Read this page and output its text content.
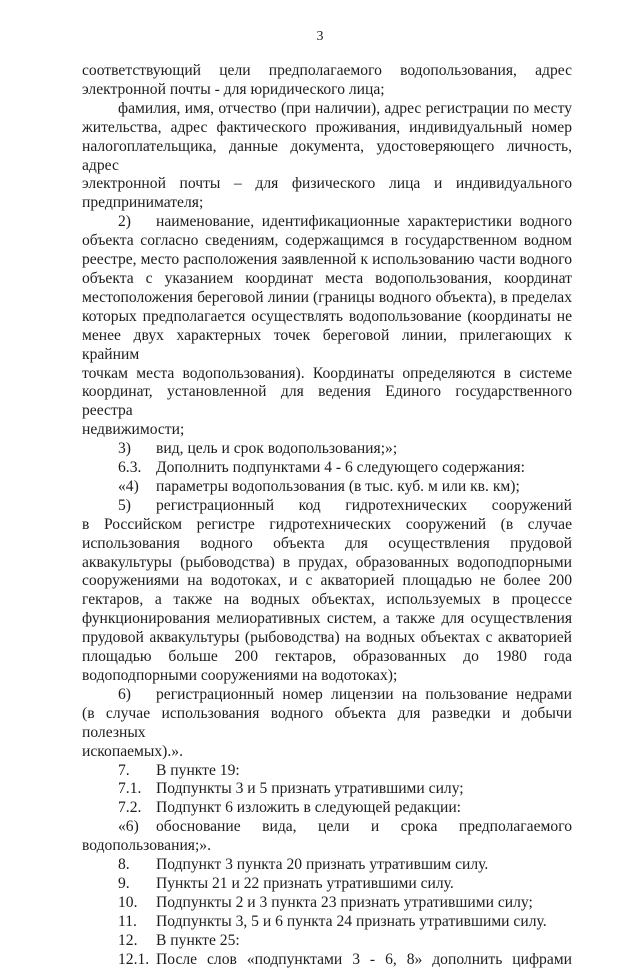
3

соответствующий цели предполагаемого водопользования, адрес

электронной почты - для юридического лица;

фамилия, имя, отчество (при наличии), адрес регистрации по месту

жительства, адрес фактического проживания, индивидуальный номер

налогоплательщика, данные документа, удостоверяющего личность, адрес

электронной почты – для физического лица и индивидуального

предпринимателя;

2)	наименование, идентификационные характеристики водного

объекта согласно сведениям, содержащимся в государственном водном

реестре, место расположения заявленной к использованию части водного

объекта с указанием координат места водопользования, координат

местоположения береговой линии (границы водного объекта), в пределах

которых предполагается осуществлять водопользование (координаты не

менее двух характерных точек береговой линии, прилегающих к крайним

точкам места водопользования). Координаты определяются в системе

координат, установленной для ведения Единого государственного реестра

недвижимости;

3)	вид, цель и срок водопользования;»;
6.3. Дополнить подпунктами 4 - 6 следующего содержания:
«4)	параметры водопользования (в тыс. куб. м или кв. км);
5)	регистрационный код гидротехнических сооружений

в Российском регистре гидротехнических сооружений (в случае

использования водного объекта для осуществления прудовой

аквакультуры (рыбоводства) в прудах, образованных водоподпорными

сооружениями на водотоках, и с акваторией площадью не более 200

гектаров, а также на водных объектах, используемых в процессе

функционирования мелиоративных систем, а также для осуществления

прудовой аквакультуры (рыбоводства) на водных объектах с акваторией

площадью больше 200 гектаров, образованных до 1980 года

водоподпорными сооружениями на водотоках);

6)	регистрационный номер лицензии на пользование недрами

(в случае использования водного объекта для разведки и добычи полезных

ископаемых).».

7.	В пункте 19:
7.1. Подпункты 3 и 5 признать утратившими силу;
7.2. Подпункт 6 изложить в следующей редакции:
«6)	обоснование вида, цели и срока предполагаемого

водопользования;».

8.	Подпункт 3 пункта 20 признать утратившим силу.
9.	Пункты 21 и 22 признать утратившими силу.
10.	Подпункты 2 и 3 пункта 23 признать утратившими силу;
11.	Подпункты 3, 5 и 6 пункта 24 признать утратившими силу.
12.	В пункте 25:
12.1. После слов «подпунктами 3 - 6, 8» дополнить цифрами
